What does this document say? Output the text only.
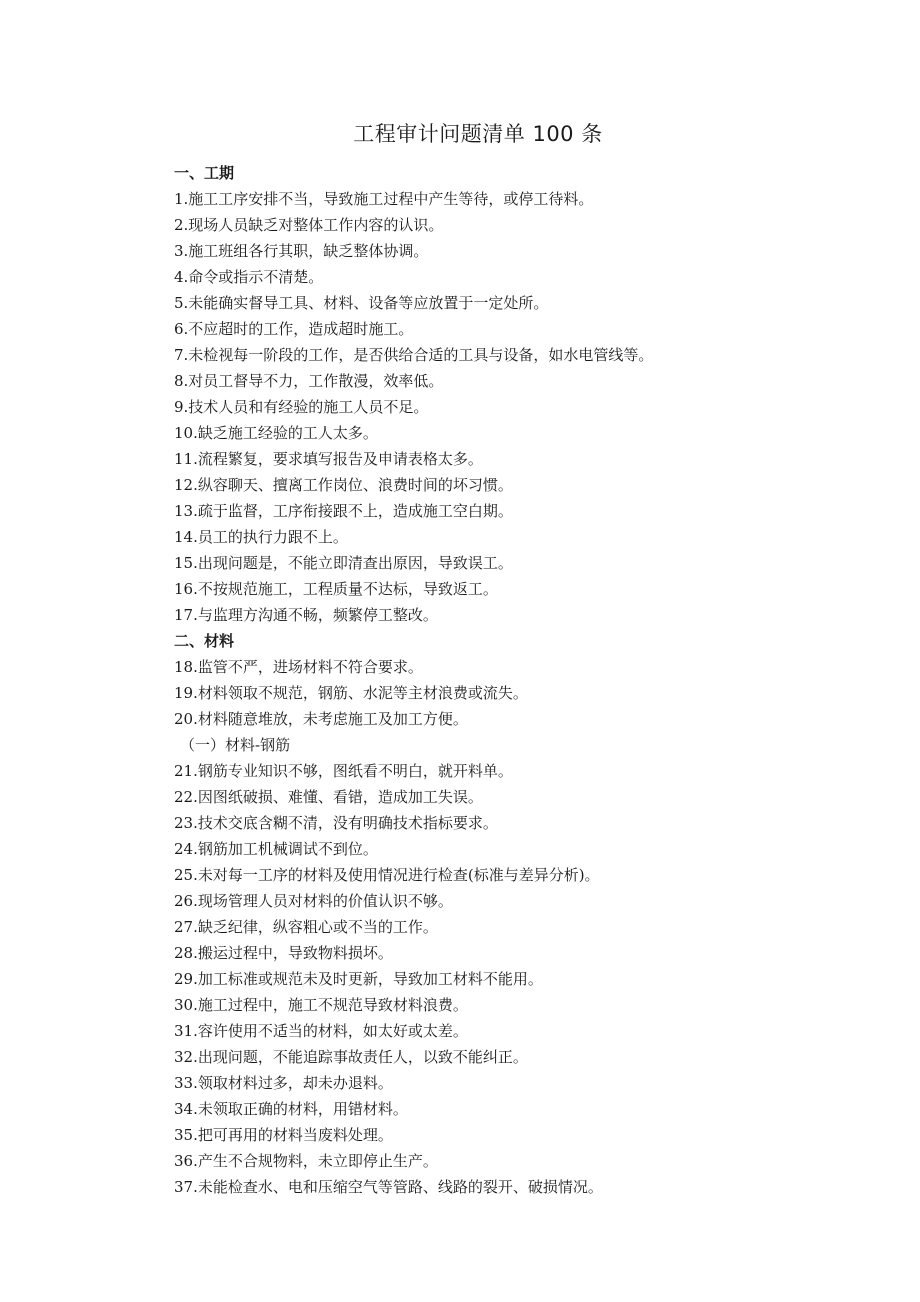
工程审计问题清单 100 条
一、工期
1.施工工序安排不当，导致施工过程中产生等待，或停工待料。
2.现场人员缺乏对整体工作内容的认识。
3.施工班组各行其职，缺乏整体协调。
4.命令或指示不清楚。
5.未能确实督导工具、材料、设备等应放置于一定处所。
6.不应超时的工作，造成超时施工。
7.未检视每一阶段的工作，是否供给合适的工具与设备，如水电管线等。
8.对员工督导不力，工作散漫，效率低。
9.技术人员和有经验的施工人员不足。
10.缺乏施工经验的工人太多。
11.流程繁复，要求填写报告及申请表格太多。
12.纵容聊天、擅离工作岗位、浪费时间的坏习惯。
13.疏于监督，工序衔接跟不上，造成施工空白期。
14.员工的执行力跟不上。
15.出现问题是，不能立即清查出原因，导致误工。
16.不按规范施工，工程质量不达标，导致返工。
17.与监理方沟通不畅，频繁停工整改。
二、材料
18.监管不严，进场材料不符合要求。
19.材料领取不规范，钢筋、水泥等主材浪费或流失。
20.材料随意堆放，未考虑施工及加工方便。
（一）材料-钢筋
21.钢筋专业知识不够，图纸看不明白，就开料单。
22.因图纸破损、难懂、看错，造成加工失误。
23.技术交底含糊不清，没有明确技术指标要求。
24.钢筋加工机械调试不到位。
25.未对每一工序的材料及使用情况进行检查(标准与差异分析)。
26.现场管理人员对材料的价值认识不够。
27.缺乏纪律，纵容粗心或不当的工作。
28.搬运过程中，导致物料损坏。
29.加工标准或规范未及时更新，导致加工材料不能用。
30.施工过程中，施工不规范导致材料浪费。
31.容许使用不适当的材料，如太好或太差。
32.出现问题，不能追踪事故责任人，以致不能纠正。
33.领取材料过多，却未办退料。
34.未领取正确的材料，用错材料。
35.把可再用的材料当废料处理。
36.产生不合规物料，未立即停止生产。
37.未能检查水、电和压缩空气等管路、线路的裂开、破损情况。
